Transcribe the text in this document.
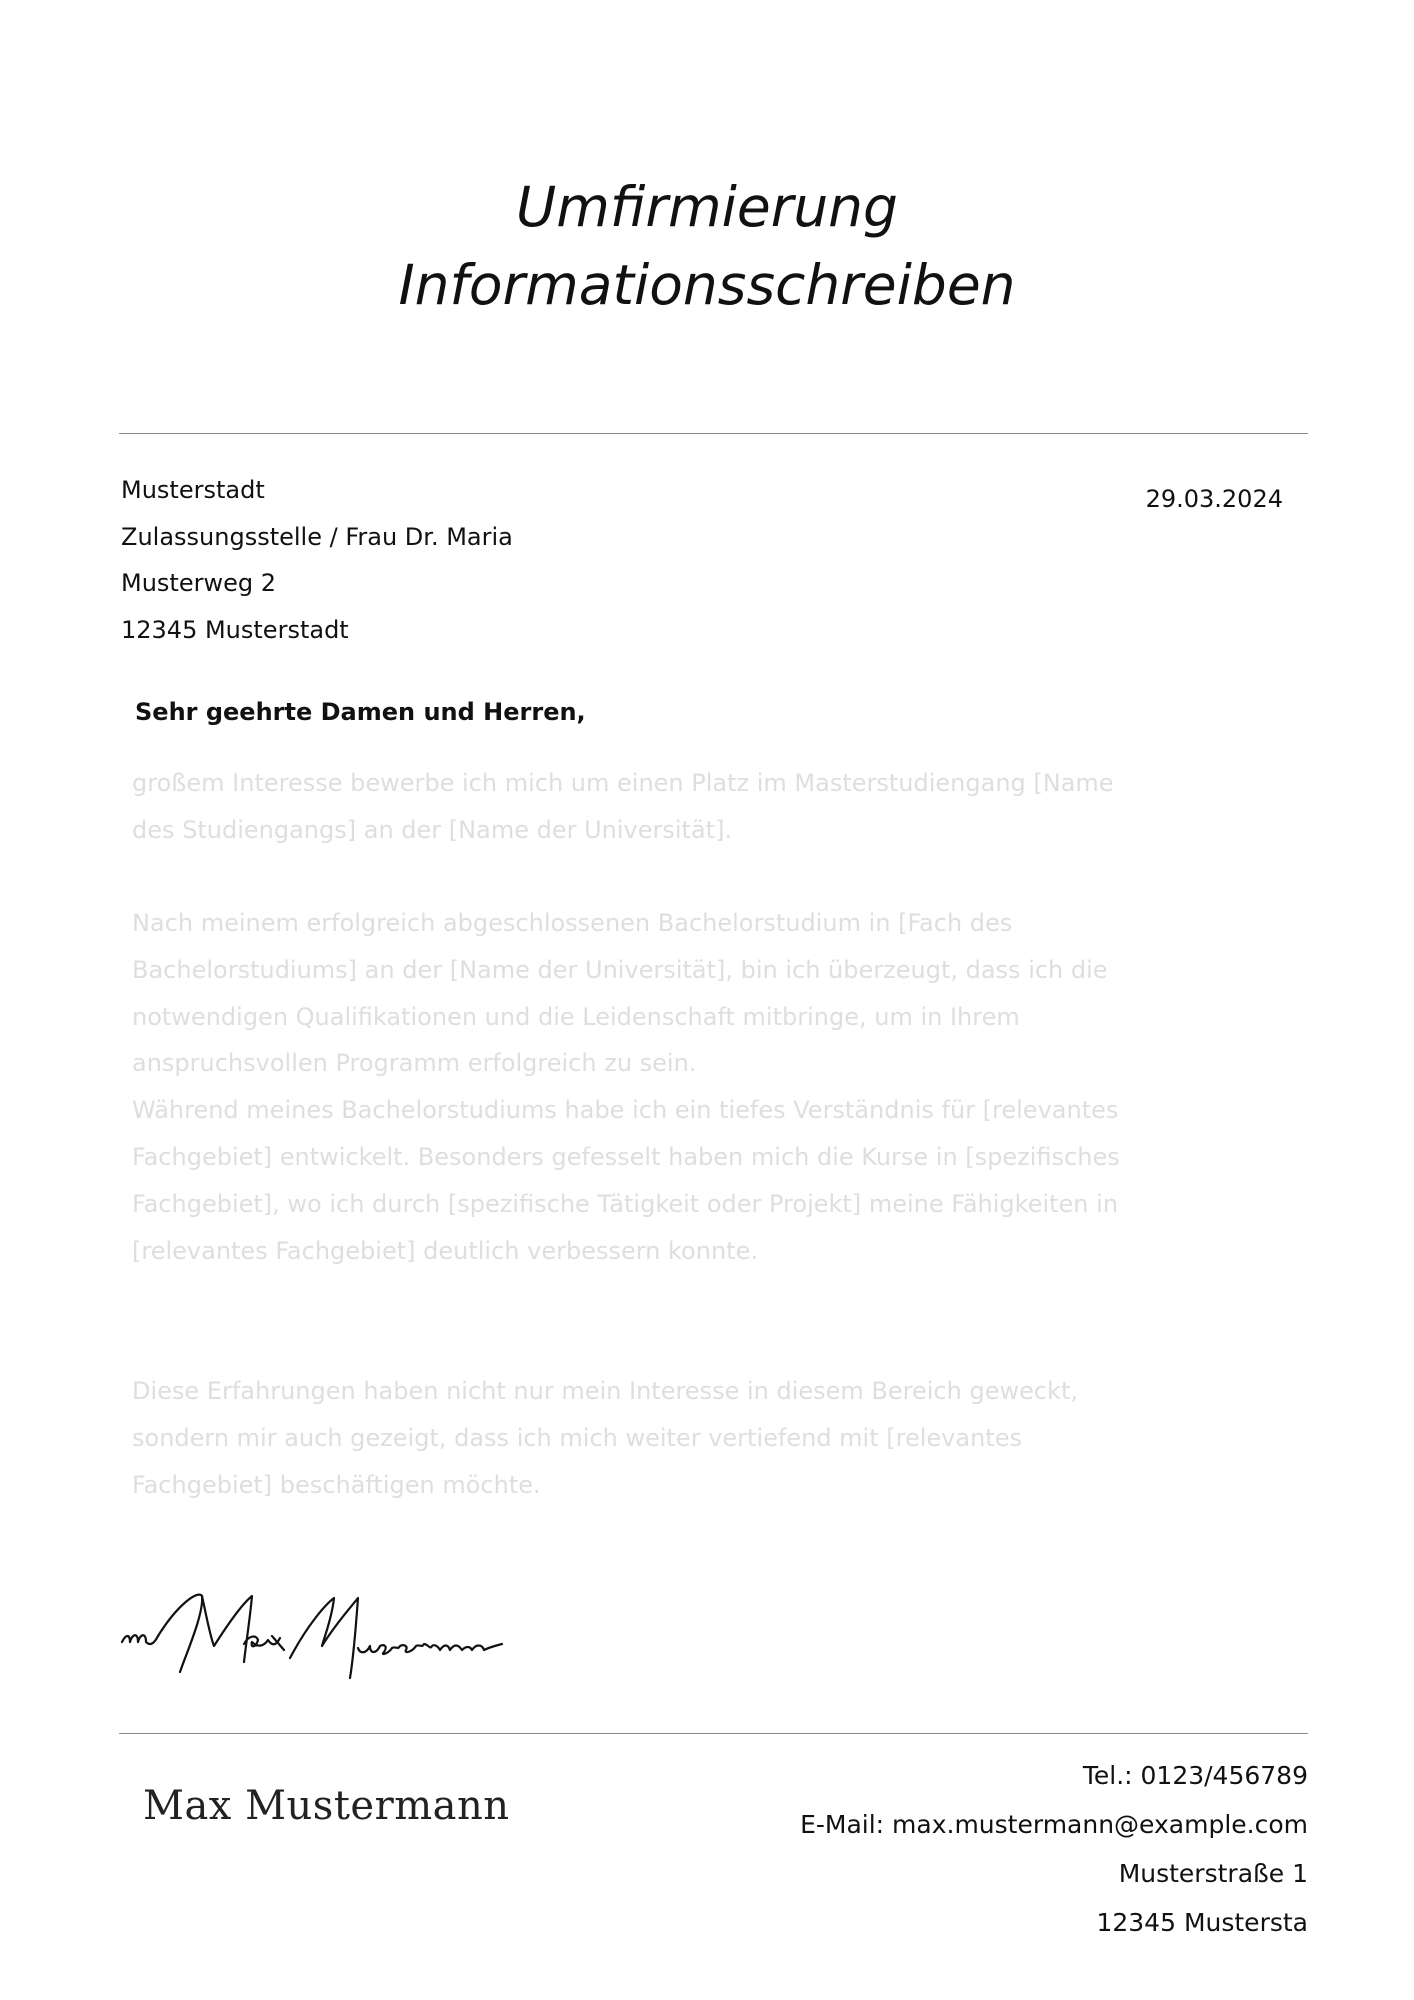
Umfirmierung
Informationsschreiben
Musterstadt
Zulassungsstelle / Frau Dr. Maria
Musterweg 2
12345 Musterstadt
29.03.2024
Sehr geehrte Damen und Herren,
großem Interesse bewerbe ich mich um einen Platz im Masterstudiengang [Name
des Studiengangs] an der [Name der Universität].
Nach meinem erfolgreich abgeschlossenen Bachelorstudium in [Fach des
Bachelorstudiums] an der [Name der Universität], bin ich überzeugt, dass ich die
notwendigen Qualifikationen und die Leidenschaft mitbringe, um in Ihrem
anspruchsvollen Programm erfolgreich zu sein.
Während meines Bachelorstudiums habe ich ein tiefes Verständnis für [relevantes
Fachgebiet] entwickelt. Besonders gefesselt haben mich die Kurse in [spezifisches
Fachgebiet], wo ich durch [spezifische Tätigkeit oder Projekt] meine Fähigkeiten in
[relevantes Fachgebiet] deutlich verbessern konnte.
Diese Erfahrungen haben nicht nur mein Interesse in diesem Bereich geweckt,
sondern mir auch gezeigt, dass ich mich weiter vertiefend mit [relevantes
Fachgebiet] beschäftigen möchte.
Max Mustermann
Tel.: 0123/456789
E-Mail: max.mustermann@example.com
Musterstraße 1
12345 Mustersta
